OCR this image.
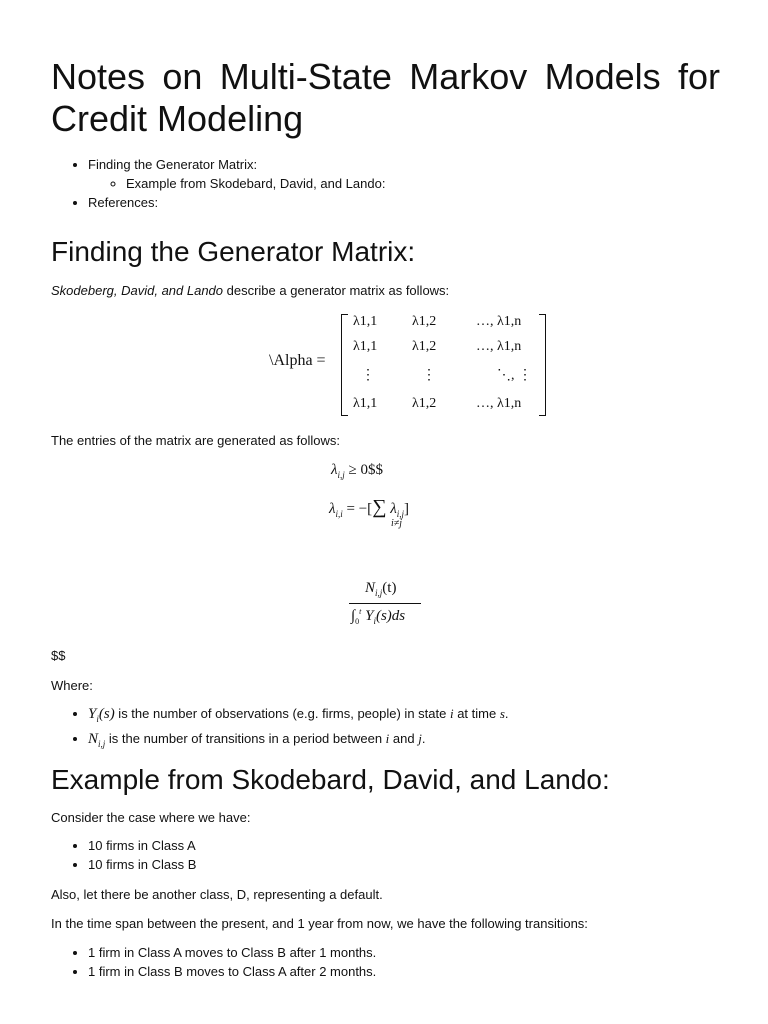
Notes on Multi-State Markov Models for Credit Modeling
• Finding the Generator Matrix:
◦ Example from Skodebard, David, and Lando:
• References:
Finding the Generator Matrix:

Skodeberg, David, and Lando describe a generator matrix as follows:

\Alpha =
λ1,1 λ1,2	…, λ1,n
λ1,1 λ1,2	…, λ1,n
⋮	⋮	⋱, ⋮
λ1,1 λ1,2	…, λ1,n

The entries of the matrix are generated as follows:

$\lambda_{i,j}$ ≥ 0$$
$\lambda_{i,i}$ = −[∑ $\lambda_{i,j}$]
i≠j
$N_{i,j}(t)$
$\int_0^t$ $Y_i(s)ds$

$$

Where:

• $Y_i(s)$ is the number of observations (e.g. firms, people) in state i at time s.
• $N_{i,j}$ is the number of transitions in a period between i and j.
Example from Skodebard, David, and Lando:

Consider the case where we have:

• 10 firms in Class A
• 10 firms in Class B

Also, let there be another class, D, representing a default.

In the time span between the present, and 1 year from now, we have the following transitions:

• 1 firm in Class A moves to Class B after 1 months.
• 1 firm in Class B moves to Class A after 2 months.
